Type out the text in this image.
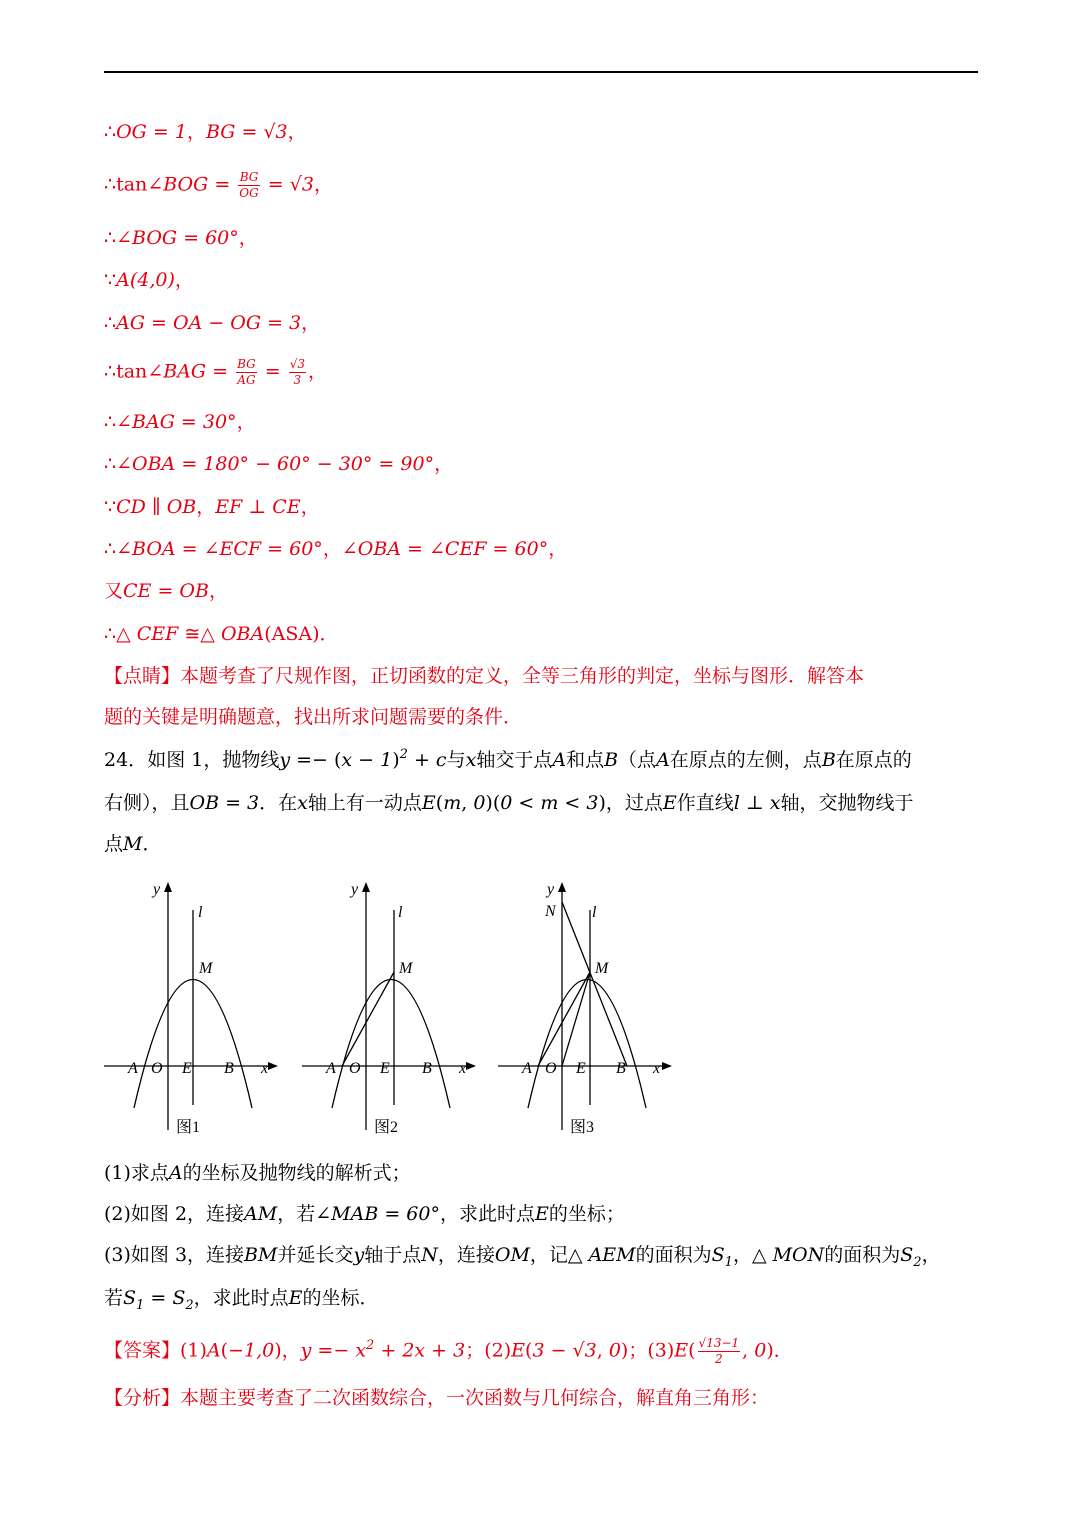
∴OG = 1，BG = √3，
∴tan∠BOG = $\frac{BG}{OG} = √3$，
∴∠BOG = 60°，
∵A(4,0)，
∴AG = OA − OG = 3，
∴tan∠BAG = $\frac{BG}{AG} = \frac{√3}{3}$ ，
∴∠BAG = 30°，
∴∠OBA = 180° − 60° − 30° = 90°，
∵CD ∥ OB，EF ⊥ CE，
∴∠BOA = ∠ECF = 60°，∠OBA = ∠CEF = 60°，
又CE = OB，
∴△ CEF ≅△ OBA(ASA)．
【点睛】本题考查了尺规作图，正切函数的定义，全等三角形的判定，坐标与图形．解答本
题的关键是明确题意，找出所求问题需要的条件．
24．如图 1，抛物线$y =- (x - 1)^2 + c$与x轴交于点A和点B（点A在原点的左侧，点B在原点的
右侧），且OB = 3．在x轴上有一动点E(m, 0)(0 < m < 3)，过点E作直线l ⊥ x轴，交抛物线于
点M．
y
l
M
A O E B x
图1
y
l
M
A O E B x
图2
y
N l
M
A O E B x
图3
(1)求点A的坐标及抛物线的解析式；
(2)如图 2，连接AM，若∠MAB = 60°，求此时点E的坐标；
(3)如图 3，连接BM并延长交y轴于点N，连接OM，记△ AEM的面积为$S_1$，△ MON的面积为$S_2$，
若$S_1 = S_2$，求此时点E的坐标．
【答案】(1)A(−1,0)，$y =- x^2 + 2x + 3$；(2)E(3 − √3, 0)；$(3)E( \frac{√13-1}{2}$ , 0)．
【分析】本题主要考查了二次函数综合，一次函数与几何综合，解直角三角形：
